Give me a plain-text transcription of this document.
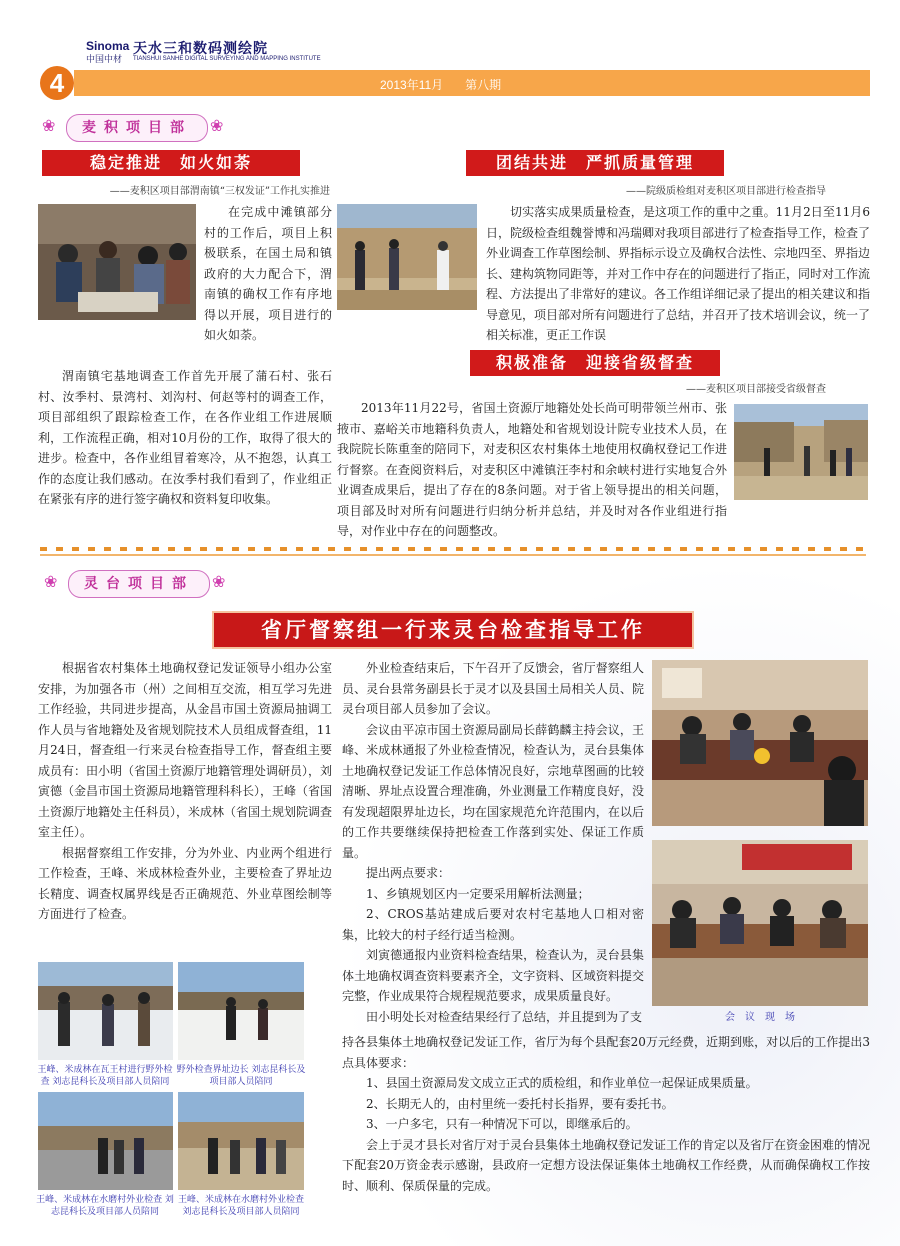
Sinoma
中国中材
天水三和数码测绘院
TIANSHUI SANHE DIGITAL SURVEYING AND MAPPING INSTITUTE
4	2013年11月 第八期
❀	麦积项目部	❀
稳定推进　如火如荼
——麦积区项目部渭南镇“三权发证”工作扎实推进

在完成中滩镇部分村的工作后，项目上积极联系，在国土局和镇政府的大力配合下，渭南镇的确权工作有序地得以开展，项目进行的如火如荼。

渭南镇宅基地调查工作首先开展了蒲石村、张石村、汝季村、景湾村、刘沟村、何赵等村的调查工作，项目部组织了跟踪检查工作，在各作业组工作进展顺利，工作流程正确，相对10月份的工作，取得了很大的进步。检查中，各作业组冒着寒冷，从不抱怨，认真工作的态度让我们感动。在汝季村我们看到了，作业组正在紧张有序的进行签字确权和资料复印收集。

团结共进　严抓质量管理
——院级质检组对麦积区项目部进行检查指导

切实落实成果质量检查，是这项工作的重中之重。11月2日至11月6日，院级检查组魏誉博和冯瑞卿对我项目部进行了检查指导工作，检查了外业调查工作草图绘制、界指标示设立及确权合法性、宗地四至、界指边长、建构筑物同距等，并对工作中存在的问题进行了指正，同时对工作流程、方法提出了非常好的建议。各工作组详细记录了提出的相关建议和指导意见，项目部对所有问题进行了总结，并召开了技术培训会议，统一了相关标准，更正工作误

积极准备　迎接省级督查
——麦积区项目部接受省级督查

2013年11月22号，省国土资源厅地籍处处长尚可明带领兰州市、张掖市、嘉峪关市地籍科负责人，地籍处和省规划设计院专业技术人员，在我院院长陈重奎的陪同下，对麦积区农村集体土地使用权确权登记工作进行督察。在查阅资料后，对麦积区中滩镇汪李村和余峡村进行实地复合外业调查成果后，提出了存在的8条问题。对于省上领导提出的相关问题，项目部及时对所有问题进行归纳分析并总结，并及时对各作业组进行指导，对作业中存在的问题整改。

❀	灵台项目部	❀
省厅督察组一行来灵台检查指导工作

根据省农村集体土地确权登记发证领导小组办公室安排，为加强各市（州）之间相互交流，相互学习先进工作经验，共同进步提高，从金昌市国土资源局抽调工作人员与省地籍处及省规划院技术人员组成督查组，11月24日，督查组一行来灵台检查指导工作，督查组主要成员有：田小明（省国土资源厅地籍管理处调研员），刘寅德（金昌市国土资源局地籍管理科科长），王峰（省国土资源厅地籍处主任科员），米成林（省国土规划院调查室主任）。

根据督察组工作安排，分为外业、内业两个组进行工作检查，王峰、米成林检查外业，主要检查了界址边长精度、调查权属界线是否正确规范、外业草图绘制等方面进行了检查。

王峰、米成林在瓦王村进行野外检查 刘志昆科长及项目部人员陪同
野外检查界址边长 刘志昆科长及项目部人员陪同
王峰、米成林在水磨村外业检查 刘志昆科长及项目部人员陪同
王峰、米成林在水磨村外业检查 刘志昆科长及项目部人员陪同

外业检查结束后，下午召开了反馈会，省厅督察组人员、灵台县常务副县长于灵才以及县国土局相关人员、院灵台项目部人员参加了会议。

会议由平凉市国土资源局副局长薛鹤麟主持会议，王峰、米成林通报了外业检查情况，检查认为，灵台县集体土地确权登记发证工作总体情况良好，宗地草图画的比较清晰、界址点设置合理准确，外业测量工作精度良好，没有发现超限界址边长，均在国家规范允许范围内，在以后的工作共要继续保持把检查工作落到实处、保证工作质量。

提出两点要求：

1、乡镇规划区内一定要采用解析法测量；

2、CROS基站建成后要对农村宅基地人口相对密集，比较大的村子经行适当检测。

刘寅德通报内业资料检查结果，检查认为，灵台县集体土地确权调查资料要素齐全，文字资料、区域资料提交完整，作业成果符合规程规范要求，成果质量良好。

田小明处长对检查结果经行了总结，并且提到为了支	会　议　现　场

持各县集体土地确权登记发证工作，省厅为每个县配套20万元经费，近期到账，对以后的工作提出3点具体要求：

1、县国土资源局发文成立正式的质检组，和作业单位一起保证成果质量。

2、长期无人的，由村里统一委托村长指界，要有委托书。

3、一户多宅，只有一种情况下可以，即继承后的。

会上于灵才县长对省厅对于灵台县集体土地确权登记发证工作的肯定以及省厅在资金困难的情况下配套20万资金表示感谢，县政府一定想方设法保证集体土地确权工作经费，从而确保确权工作按时、顺利、保质保量的完成。
